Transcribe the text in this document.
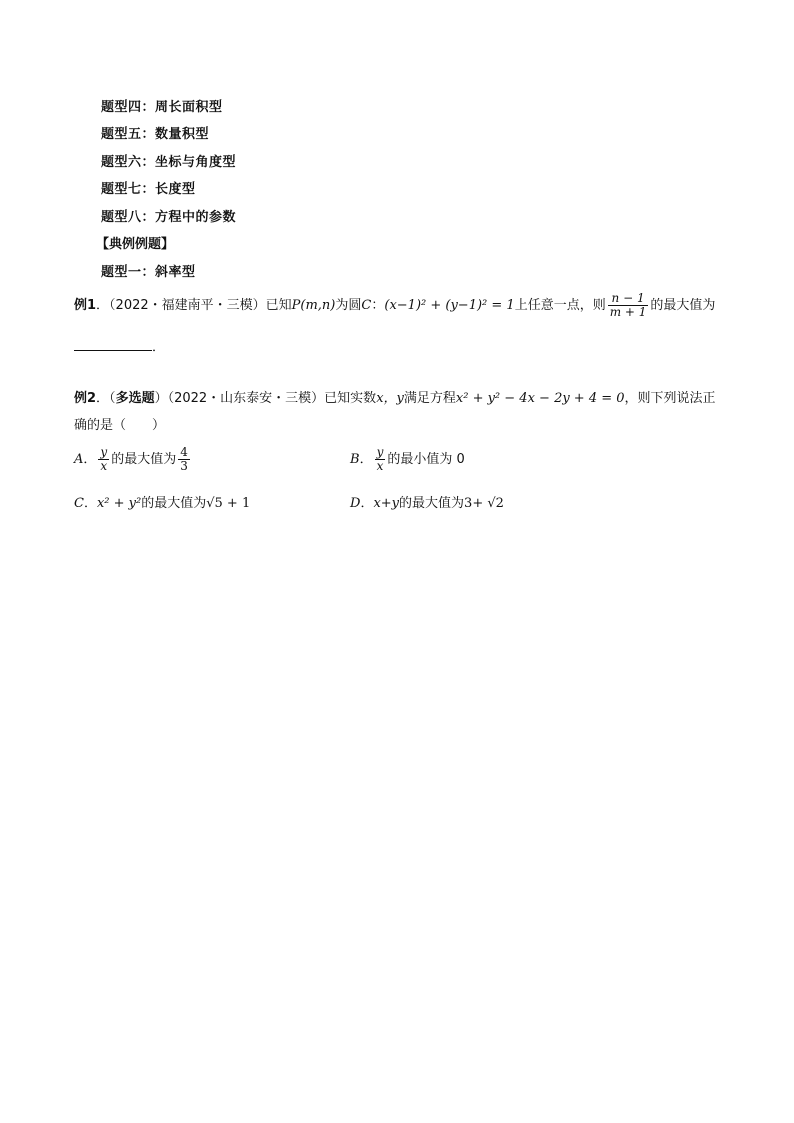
题型四：周长面积型
题型五：数量积型
题型六：坐标与角度型
题型七：长度型
题型八：方程中的参数
【典例例题】
题型一：斜率型
例1．（2022・福建南平・三模）已知P(m,n)为圆C：(x−1)² + (y−1)² = 1上任意一点，则 $\frac{n - 1}{m + 1}$ 的最大值为
．
例2．（多选题）（2022・山东泰安・三模）已知实数x，y满足方程x² + y² − 4x − 2y + 4 = 0，则下列说法正
确的是（　　）
A． $\frac{y}{x}$ 的最大值为 $\frac{4}{3}$	B． $\frac{y}{x}$ 的最小值为 0
C．x² + y²的最大值为√5 + 1	D．x+y的最大值为3+ √2
